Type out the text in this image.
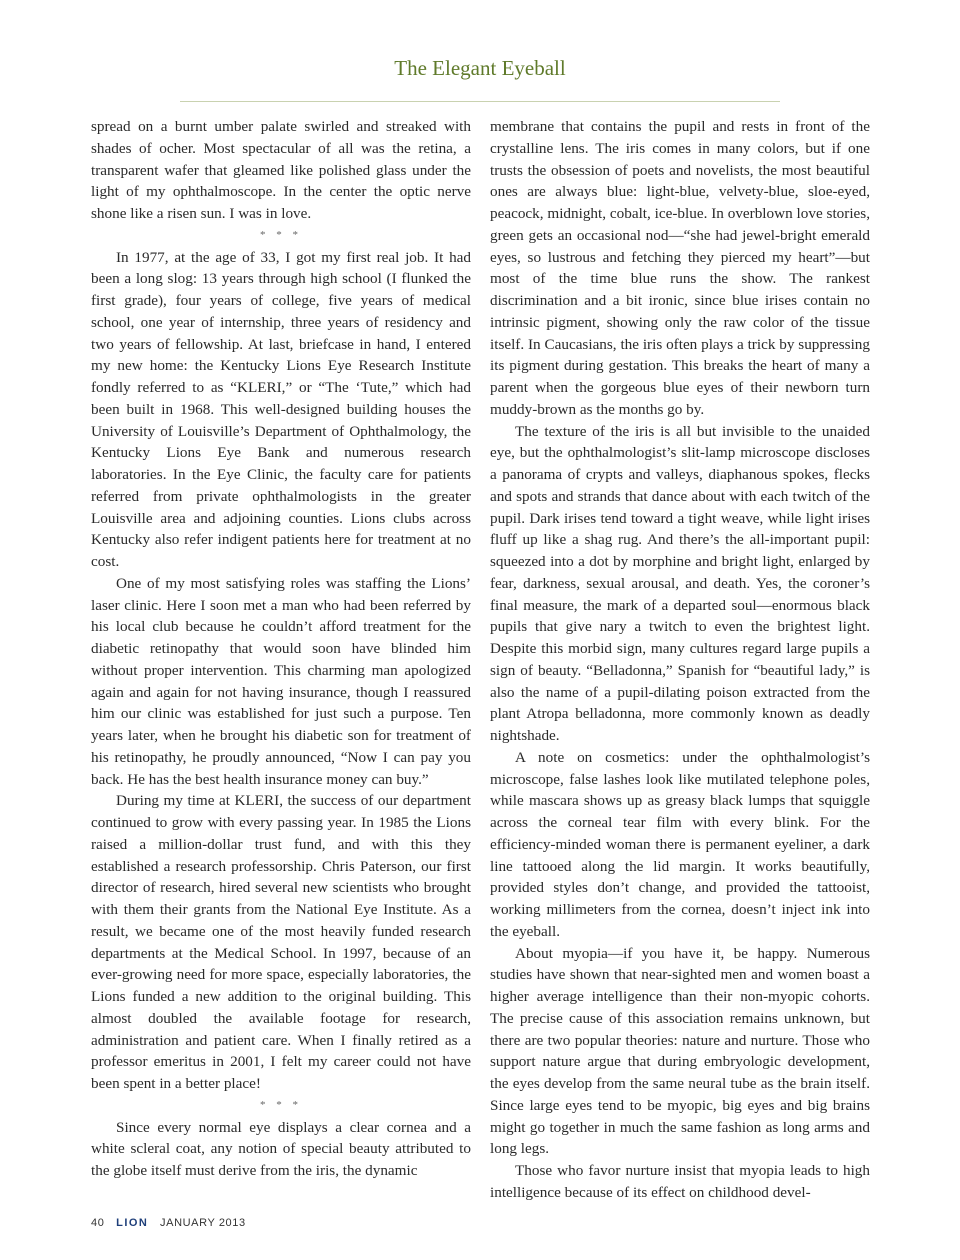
The Elegant Eyeball

spread on a burnt umber palate swirled and streaked with shades of ocher. Most spectacular of all was the retina, a transparent wafer that gleamed like polished glass under the light of my ophthalmoscope. In the center the optic nerve shone like a risen sun. I was in love.

* * *

In 1977, at the age of 33, I got my first real job. It had been a long slog: 13 years through high school (I flunked the first grade), four years of college, five years of medical school, one year of internship, three years of residency and two years of fellowship. At last, briefcase in hand, I entered my new home: the Kentucky Lions Eye Research Institute fondly referred to as “KLERI,” or “The ‘Tute,” which had been built in 1968. This well-designed building houses the University of Louisville’s Department of Ophthalmology, the Kentucky Lions Eye Bank and numerous research laboratories. In the Eye Clinic, the faculty care for patients referred from private ophthalmologists in the greater Louisville area and adjoining counties. Lions clubs across Kentucky also refer indigent patients here for treatment at no cost.

One of my most satisfying roles was staffing the Lions’ laser clinic. Here I soon met a man who had been referred by his local club because he couldn’t afford treatment for the diabetic retinopathy that would soon have blinded him without proper intervention. This charming man apologized again and again for not having insurance, though I reassured him our clinic was established for just such a purpose. Ten years later, when he brought his diabetic son for treatment of his retinopathy, he proudly announced, “Now I can pay you back. He has the best health insurance money can buy.”

During my time at KLERI, the success of our department continued to grow with every passing year. In 1985 the Lions raised a million-dollar trust fund, and with this they established a research professorship. Chris Paterson, our first director of research, hired several new scientists who brought with them their grants from the National Eye Institute. As a result, we became one of the most heavily funded research departments at the Medical School. In 1997, because of an ever-growing need for more space, especially laboratories, the Lions funded a new addition to the original building. This almost doubled the available footage for research, administration and patient care. When I finally retired as a professor emeritus in 2001, I felt my career could not have been spent in a better place!

* * *

Since every normal eye displays a clear cornea and a white scleral coat, any notion of special beauty attributed to the globe itself must derive from the iris, the dynamic

membrane that contains the pupil and rests in front of the crystalline lens. The iris comes in many colors, but if one trusts the obsession of poets and novelists, the most beautiful ones are always blue: light-blue, velvety-blue, sloe-eyed, peacock, midnight, cobalt, ice-blue. In overblown love stories, green gets an occasional nod—“she had jewel-bright emerald eyes, so lustrous and fetching they pierced my heart”—but most of the time blue runs the show. The rankest discrimination and a bit ironic, since blue irises contain no intrinsic pigment, showing only the raw color of the tissue itself. In Caucasians, the iris often plays a trick by suppressing its pigment during gestation. This breaks the heart of many a parent when the gorgeous blue eyes of their newborn turn muddy-brown as the months go by.

The texture of the iris is all but invisible to the unaided eye, but the ophthalmologist’s slit-lamp microscope discloses a panorama of crypts and valleys, diaphanous spokes, flecks and spots and strands that dance about with each twitch of the pupil. Dark irises tend toward a tight weave, while light irises fluff up like a shag rug. And there’s the all-important pupil: squeezed into a dot by morphine and bright light, enlarged by fear, darkness, sexual arousal, and death. Yes, the coroner’s final measure, the mark of a departed soul—enormous black pupils that give nary a twitch to even the brightest light. Despite this morbid sign, many cultures regard large pupils a sign of beauty. “Belladonna,” Spanish for “beautiful lady,” is also the name of a pupil-dilating poison extracted from the plant Atropa belladonna, more commonly known as deadly nightshade.

A note on cosmetics: under the ophthalmologist’s microscope, false lashes look like mutilated telephone poles, while mascara shows up as greasy black lumps that squiggle across the corneal tear film with every blink. For the efficiency-minded woman there is permanent eyeliner, a dark line tattooed along the lid margin. It works beautifully, provided styles don’t change, and provided the tattooist, working millimeters from the cornea, doesn’t inject ink into the eyeball.

About myopia—if you have it, be happy. Numerous studies have shown that near-sighted men and women boast a higher average intelligence than their non-myopic cohorts. The precise cause of this association remains unknown, but there are two popular theories: nature and nurture. Those who support nature argue that during embryologic development, the eyes develop from the same neural tube as the brain itself. Since large eyes tend to be myopic, big eyes and big brains might go together in much the same fashion as long arms and long legs.

Those who favor nurture insist that myopia leads to high intelligence because of its effect on childhood devel-

40 LION JANUARY 2013
